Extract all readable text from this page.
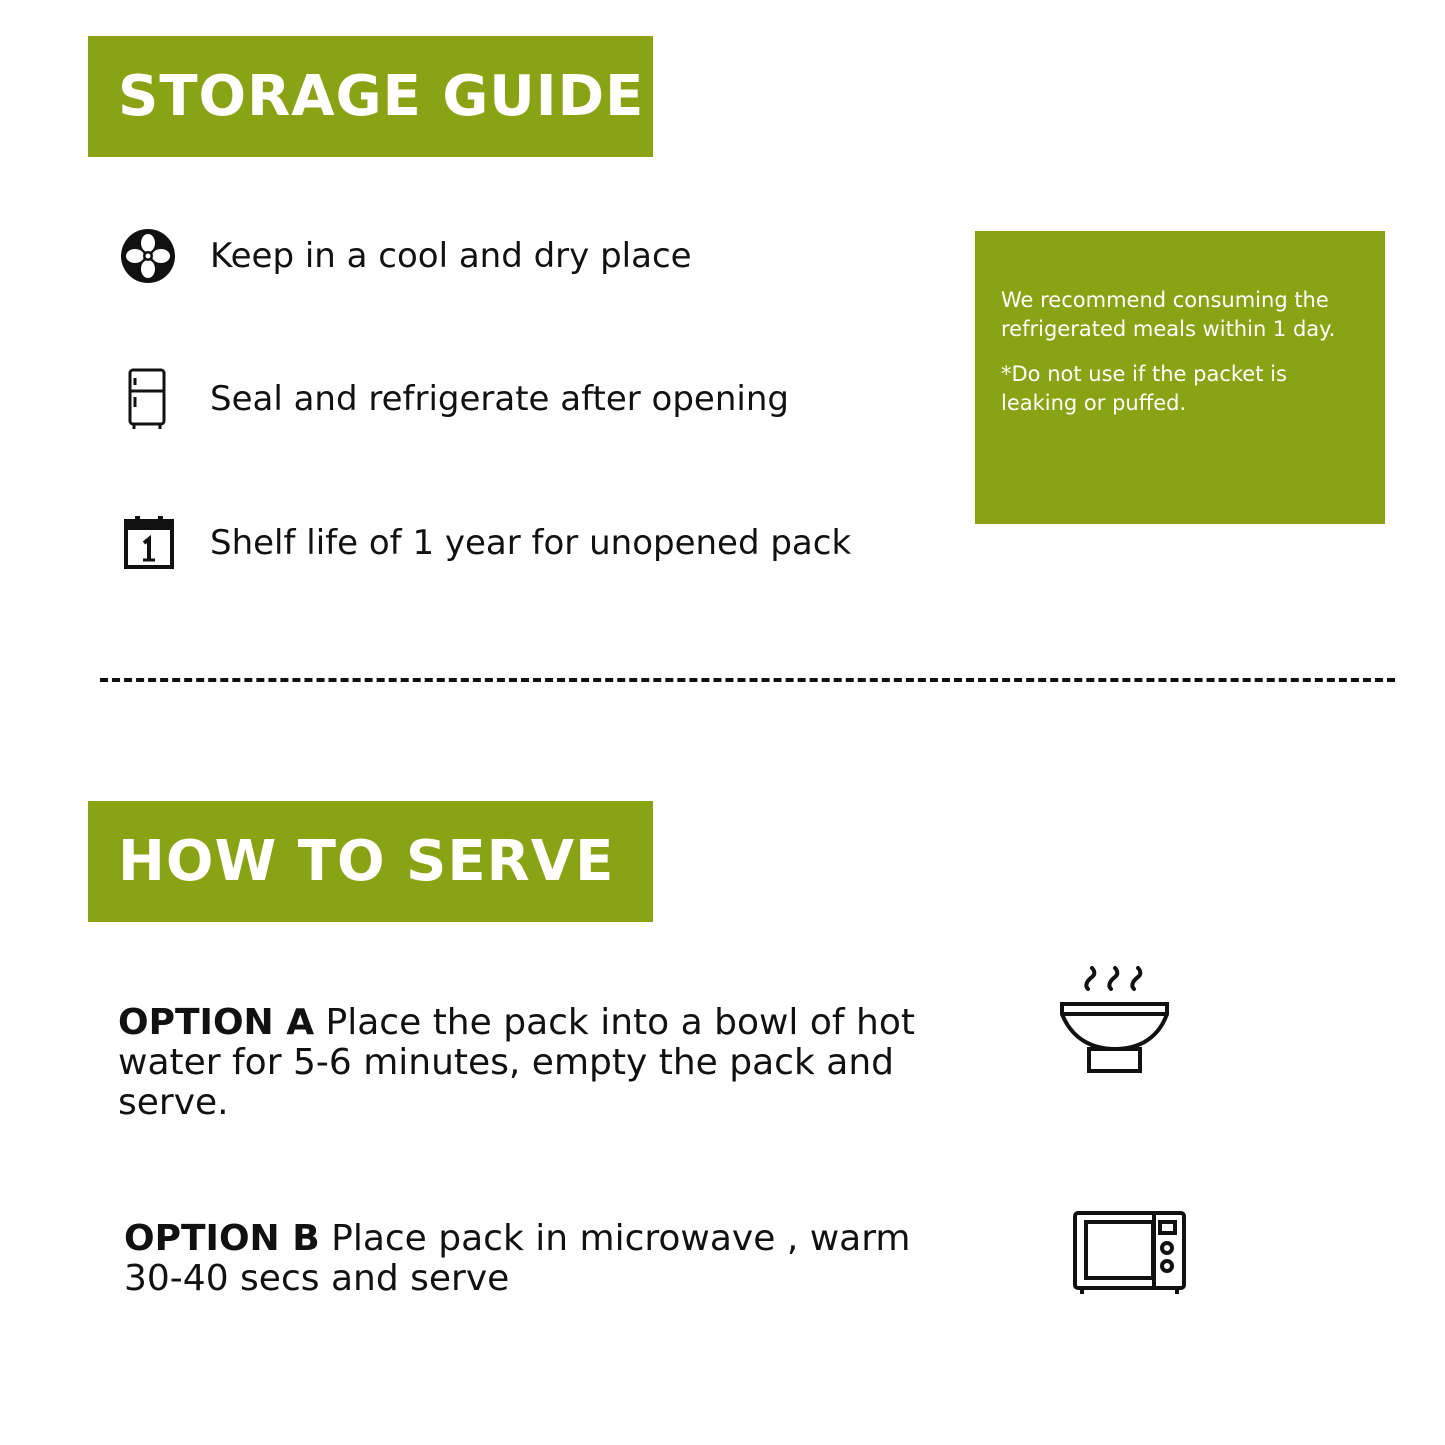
STORAGE GUIDE
Keep in a cool and dry place
Seal and refrigerate after opening
Shelf life of 1 year for unopened pack

We recommend consuming the refrigerated meals within 1 day.

*Do not use if the packet is leaking or puffed.

HOW TO SERVE
OPTION A Place the pack into a bowl of hot water for 5-6 minutes, empty the pack and serve.
OPTION B Place pack in microwave , warm 30-40 secs and serve
